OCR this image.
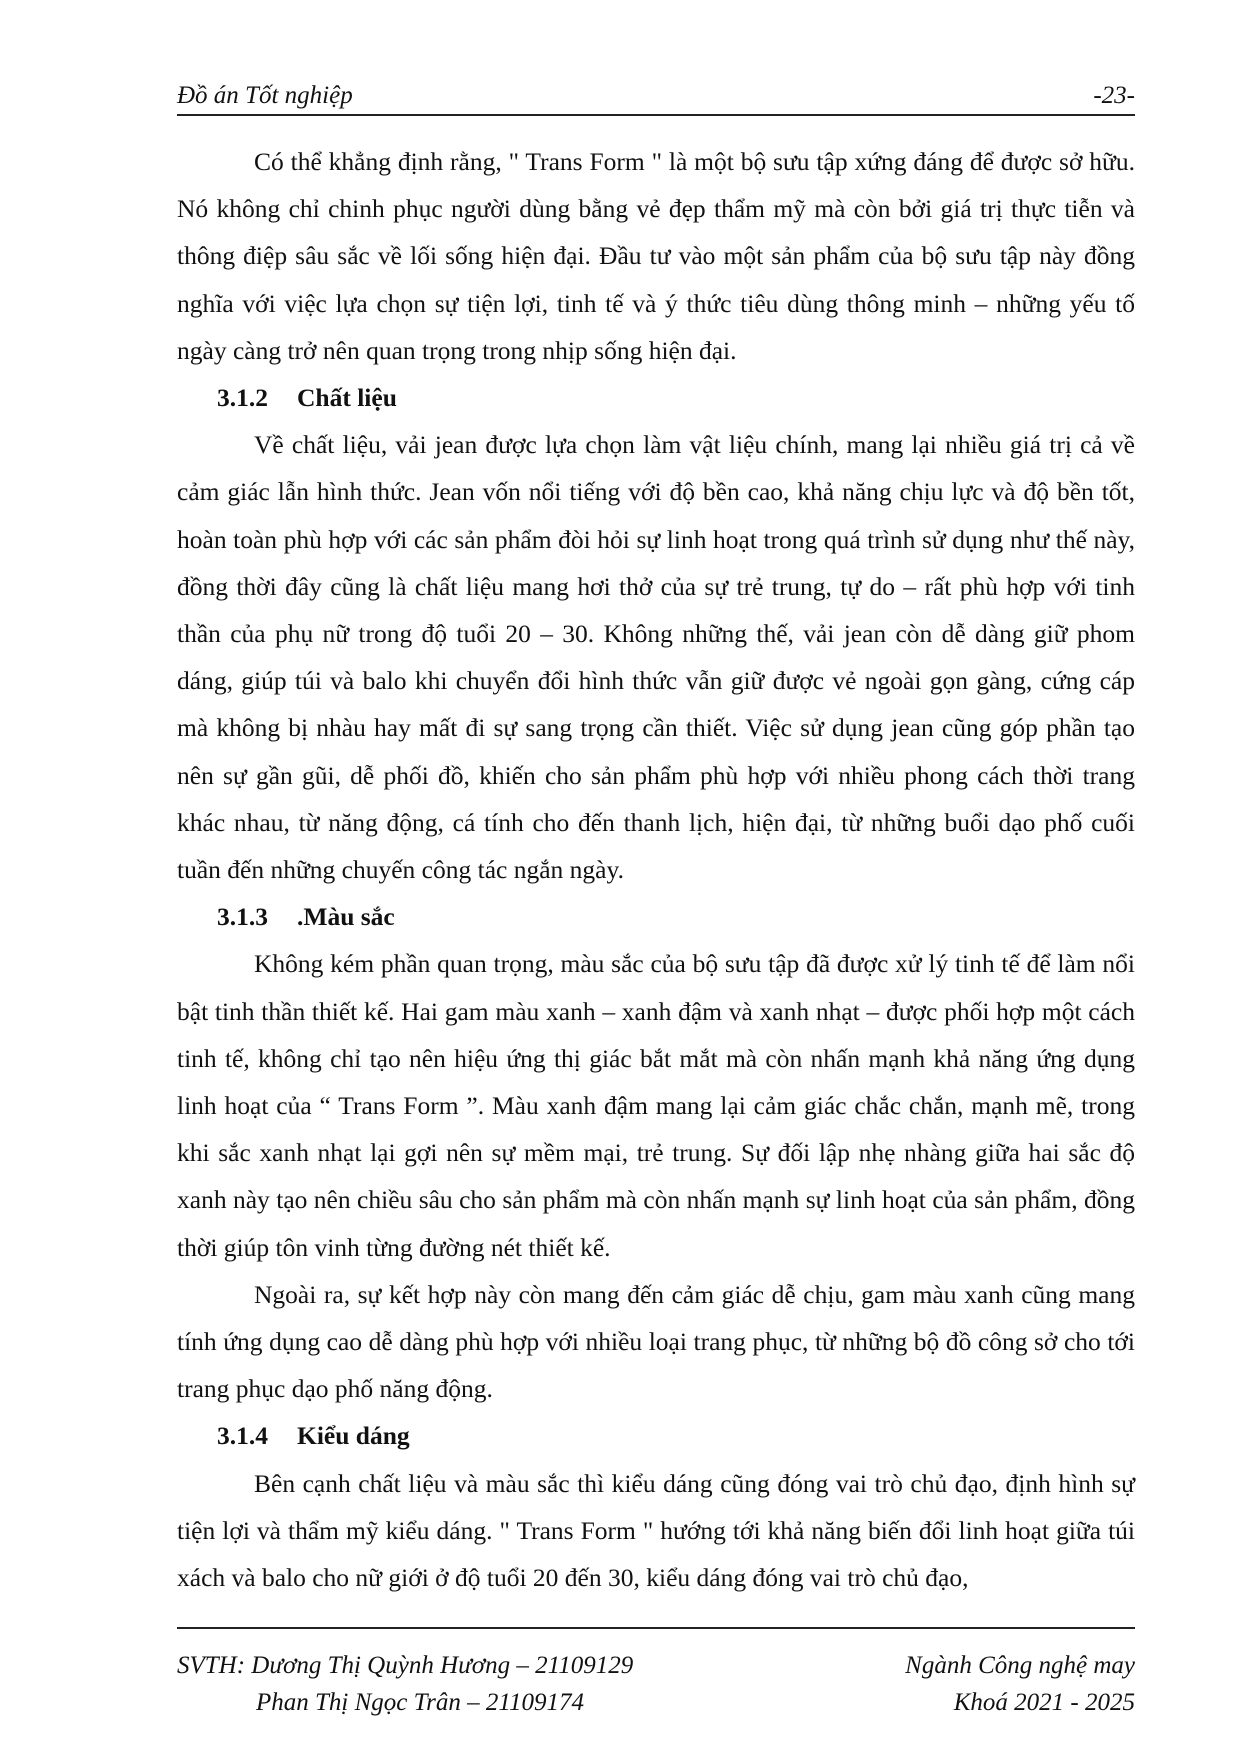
Đồ án Tốt nghiệp	-23-

Có thể khẳng định rằng, " Trans Form " là một bộ sưu tập xứng đáng để được sở hữu. Nó không chỉ chinh phục người dùng bằng vẻ đẹp thẩm mỹ mà còn bởi giá trị thực tiễn và thông điệp sâu sắc về lối sống hiện đại. Đầu tư vào một sản phẩm của bộ sưu tập này đồng nghĩa với việc lựa chọn sự tiện lợi, tinh tế và ý thức tiêu dùng thông minh – những yếu tố ngày càng trở nên quan trọng trong nhịp sống hiện đại.

3.1.2 Chất liệu

Về chất liệu, vải jean được lựa chọn làm vật liệu chính, mang lại nhiều giá trị cả về cảm giác lẫn hình thức. Jean vốn nổi tiếng với độ bền cao, khả năng chịu lực và độ bền tốt, hoàn toàn phù hợp với các sản phẩm đòi hỏi sự linh hoạt trong quá trình sử dụng như thế này, đồng thời đây cũng là chất liệu mang hơi thở của sự trẻ trung, tự do – rất phù hợp với tinh thần của phụ nữ trong độ tuổi 20 – 30. Không những thế, vải jean còn dễ dàng giữ phom dáng, giúp túi và balo khi chuyển đổi hình thức vẫn giữ được vẻ ngoài gọn gàng, cứng cáp mà không bị nhàu hay mất đi sự sang trọng cần thiết. Việc sử dụng jean cũng góp phần tạo nên sự gần gũi, dễ phối đồ, khiến cho sản phẩm phù hợp với nhiều phong cách thời trang khác nhau, từ năng động, cá tính cho đến thanh lịch, hiện đại, từ những buổi dạo phố cuối tuần đến những chuyến công tác ngắn ngày.

3.1.3 .Màu sắc

Không kém phần quan trọng, màu sắc của bộ sưu tập đã được xử lý tinh tế để làm nổi bật tinh thần thiết kế. Hai gam màu xanh – xanh đậm và xanh nhạt – được phối hợp một cách tinh tế, không chỉ tạo nên hiệu ứng thị giác bắt mắt mà còn nhấn mạnh khả năng ứng dụng linh hoạt của “ Trans Form ”. Màu xanh đậm mang lại cảm giác chắc chắn, mạnh mẽ, trong khi sắc xanh nhạt lại gợi nên sự mềm mại, trẻ trung. Sự đối lập nhẹ nhàng giữa hai sắc độ xanh này tạo nên chiều sâu cho sản phẩm mà còn nhấn mạnh sự linh hoạt của sản phẩm, đồng thời giúp tôn vinh từng đường nét thiết kế.

Ngoài ra, sự kết hợp này còn mang đến cảm giác dễ chịu, gam màu xanh cũng mang tính ứng dụng cao dễ dàng phù hợp với nhiều loại trang phục, từ những bộ đồ công sở cho tới trang phục dạo phố năng động.

3.1.4 Kiểu dáng

Bên cạnh chất liệu và màu sắc thì kiểu dáng cũng đóng vai trò chủ đạo, định hình sự tiện lợi và thẩm mỹ kiểu dáng. " Trans Form " hướng tới khả năng biến đổi linh hoạt giữa túi xách và balo cho nữ giới ở độ tuổi 20 đến 30, kiểu dáng đóng vai trò chủ đạo,

SVTH: Dương Thị Quỳnh Hương – 21109129
Phan Thị Ngọc Trân – 21109174
Ngành Công nghệ may
Khoá 2021 - 2025
